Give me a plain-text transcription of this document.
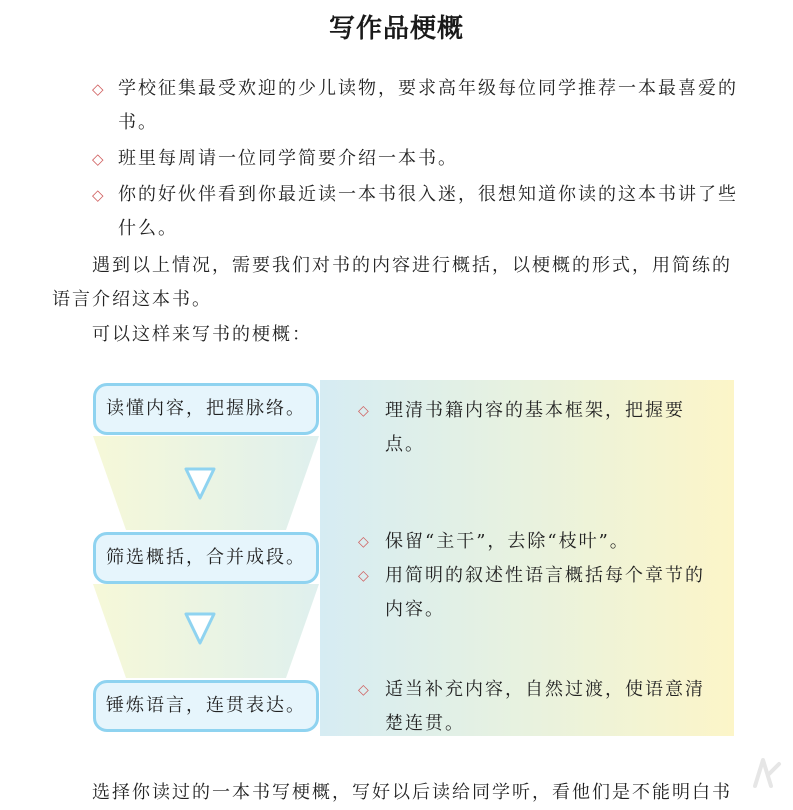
写作品梗概
◇ 学校征集最受欢迎的少儿读物，要求高年级每位同学推荐一本最喜爱的书。
◇ 班里每周请一位同学简要介绍一本书。
◇ 你的好伙伴看到你最近读一本书很入迷，很想知道你读的这本书讲了些什么。
遇到以上情况，需要我们对书的内容进行概括，以梗概的形式，用简练的语言介绍这本书。
可以这样来写书的梗概：
读懂内容，把握脉络。
筛选概括，合并成段。
锤炼语言，连贯表达。
◇ 理清书籍内容的基本框架，把握要点。
◇ 保留“主干”，去除“枝叶”。
◇ 用简明的叙述性语言概括每个章节的内容。
◇ 适当补充内容，自然过渡，使语意清楚连贯。
选择你读过的一本书写梗概，写好以后读给同学听，看他们是不能明白书
